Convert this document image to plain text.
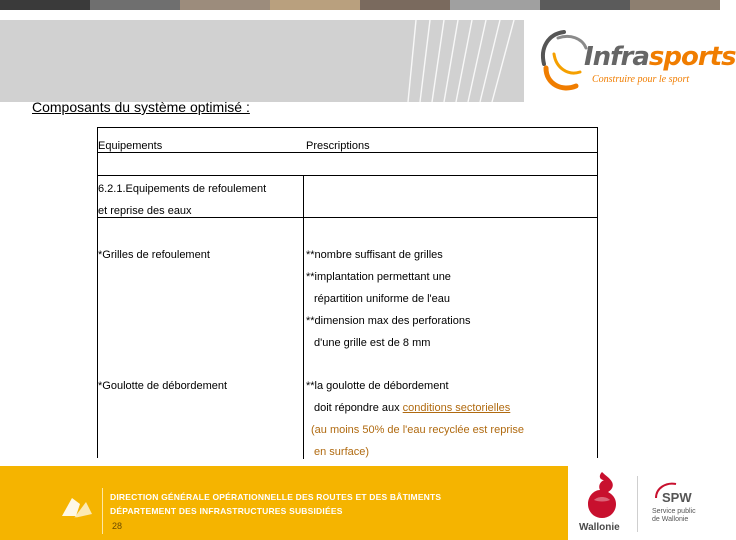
Infrasports
Construire pour le sport
Composants du système optimisé :
Equipements	Prescriptions
6.2.1.Equipements de refoulement
et reprise des eaux
*Grilles de refoulement	**nombre suffisant de grilles
**implantation permettant une
répartition uniforme de l'eau
**dimension max des perforations
d'une grille est de 8 mm
*Goulotte de débordement	**la goulotte de débordement
doit répondre aux conditions sectorielles
(au moins 50% de l'eau recyclée est reprise
en surface)
DGO 1
DIRECTION GÉNÉRALE OPÉRATIONNELLE DES ROUTES ET DES BÂTIMENTS
DÉPARTEMENT DES INFRASTRUCTURES SUBSIDIÉES
28	Wallonie
SPW
Service public
de Wallonie
